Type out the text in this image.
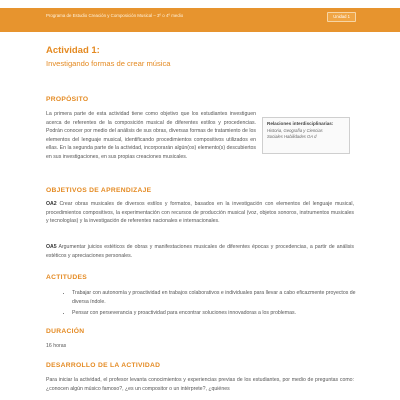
Programa de Estudio Creación y Composición Musical – 3º o 4º medio	Unidad 1
Actividad 1:
Investigando formas de crear música
PROPÓSITO
La primera parte de esta actividad tiene como objetivo que los estudiantes investiguen acerca de referentes de la composición musical de diferentes estilos y procedencias. Podrán conocer por medio del análisis de sus obras, diversas formas de tratamiento de los elementos del lenguaje musical, identificando procedimientos compositivos utilizados en ellas. En la segunda parte de la actividad, incorporarán algún(os) elemento(s) descubiertos en sus investigaciones, en sus propias creaciones musicales.
Relaciones interdisciplinarias:
Historia, Geografía y Ciencias
Sociales Habilidades OA d
OBJETIVOS DE APRENDIZAJE
OA2 Crear obras musicales de diversos estilos y formatos, basados en la investigación con elementos del lenguaje musical, procedimientos compositivos, la experimentación con recursos de producción musical (voz, objetos sonoros, instrumentos musicales y tecnologías) y la investigación de referentes nacionales e internacionales.
OA5 Argumentar juicios estéticos de obras y manifestaciones musicales de diferentes épocas y procedencias, a partir de análisis estéticos y apreciaciones personales.
ACTITUDES
• Trabajar con autonomía y proactividad en trabajos colaborativos e individuales para llevar a cabo eficazmente proyectos de diversa índole.
• Pensar con perseverancia y proactividad para encontrar soluciones innovadoras a los problemas.
DURACIÓN
16 horas
DESARROLLO DE LA ACTIVIDAD
Para iniciar la actividad, el profesor levanta conocimientos y experiencias previas de los estudiantes, por medio de preguntas como: ¿conocen algún músico famoso?, ¿es un compositor o un intérprete?, ¿quiénes
